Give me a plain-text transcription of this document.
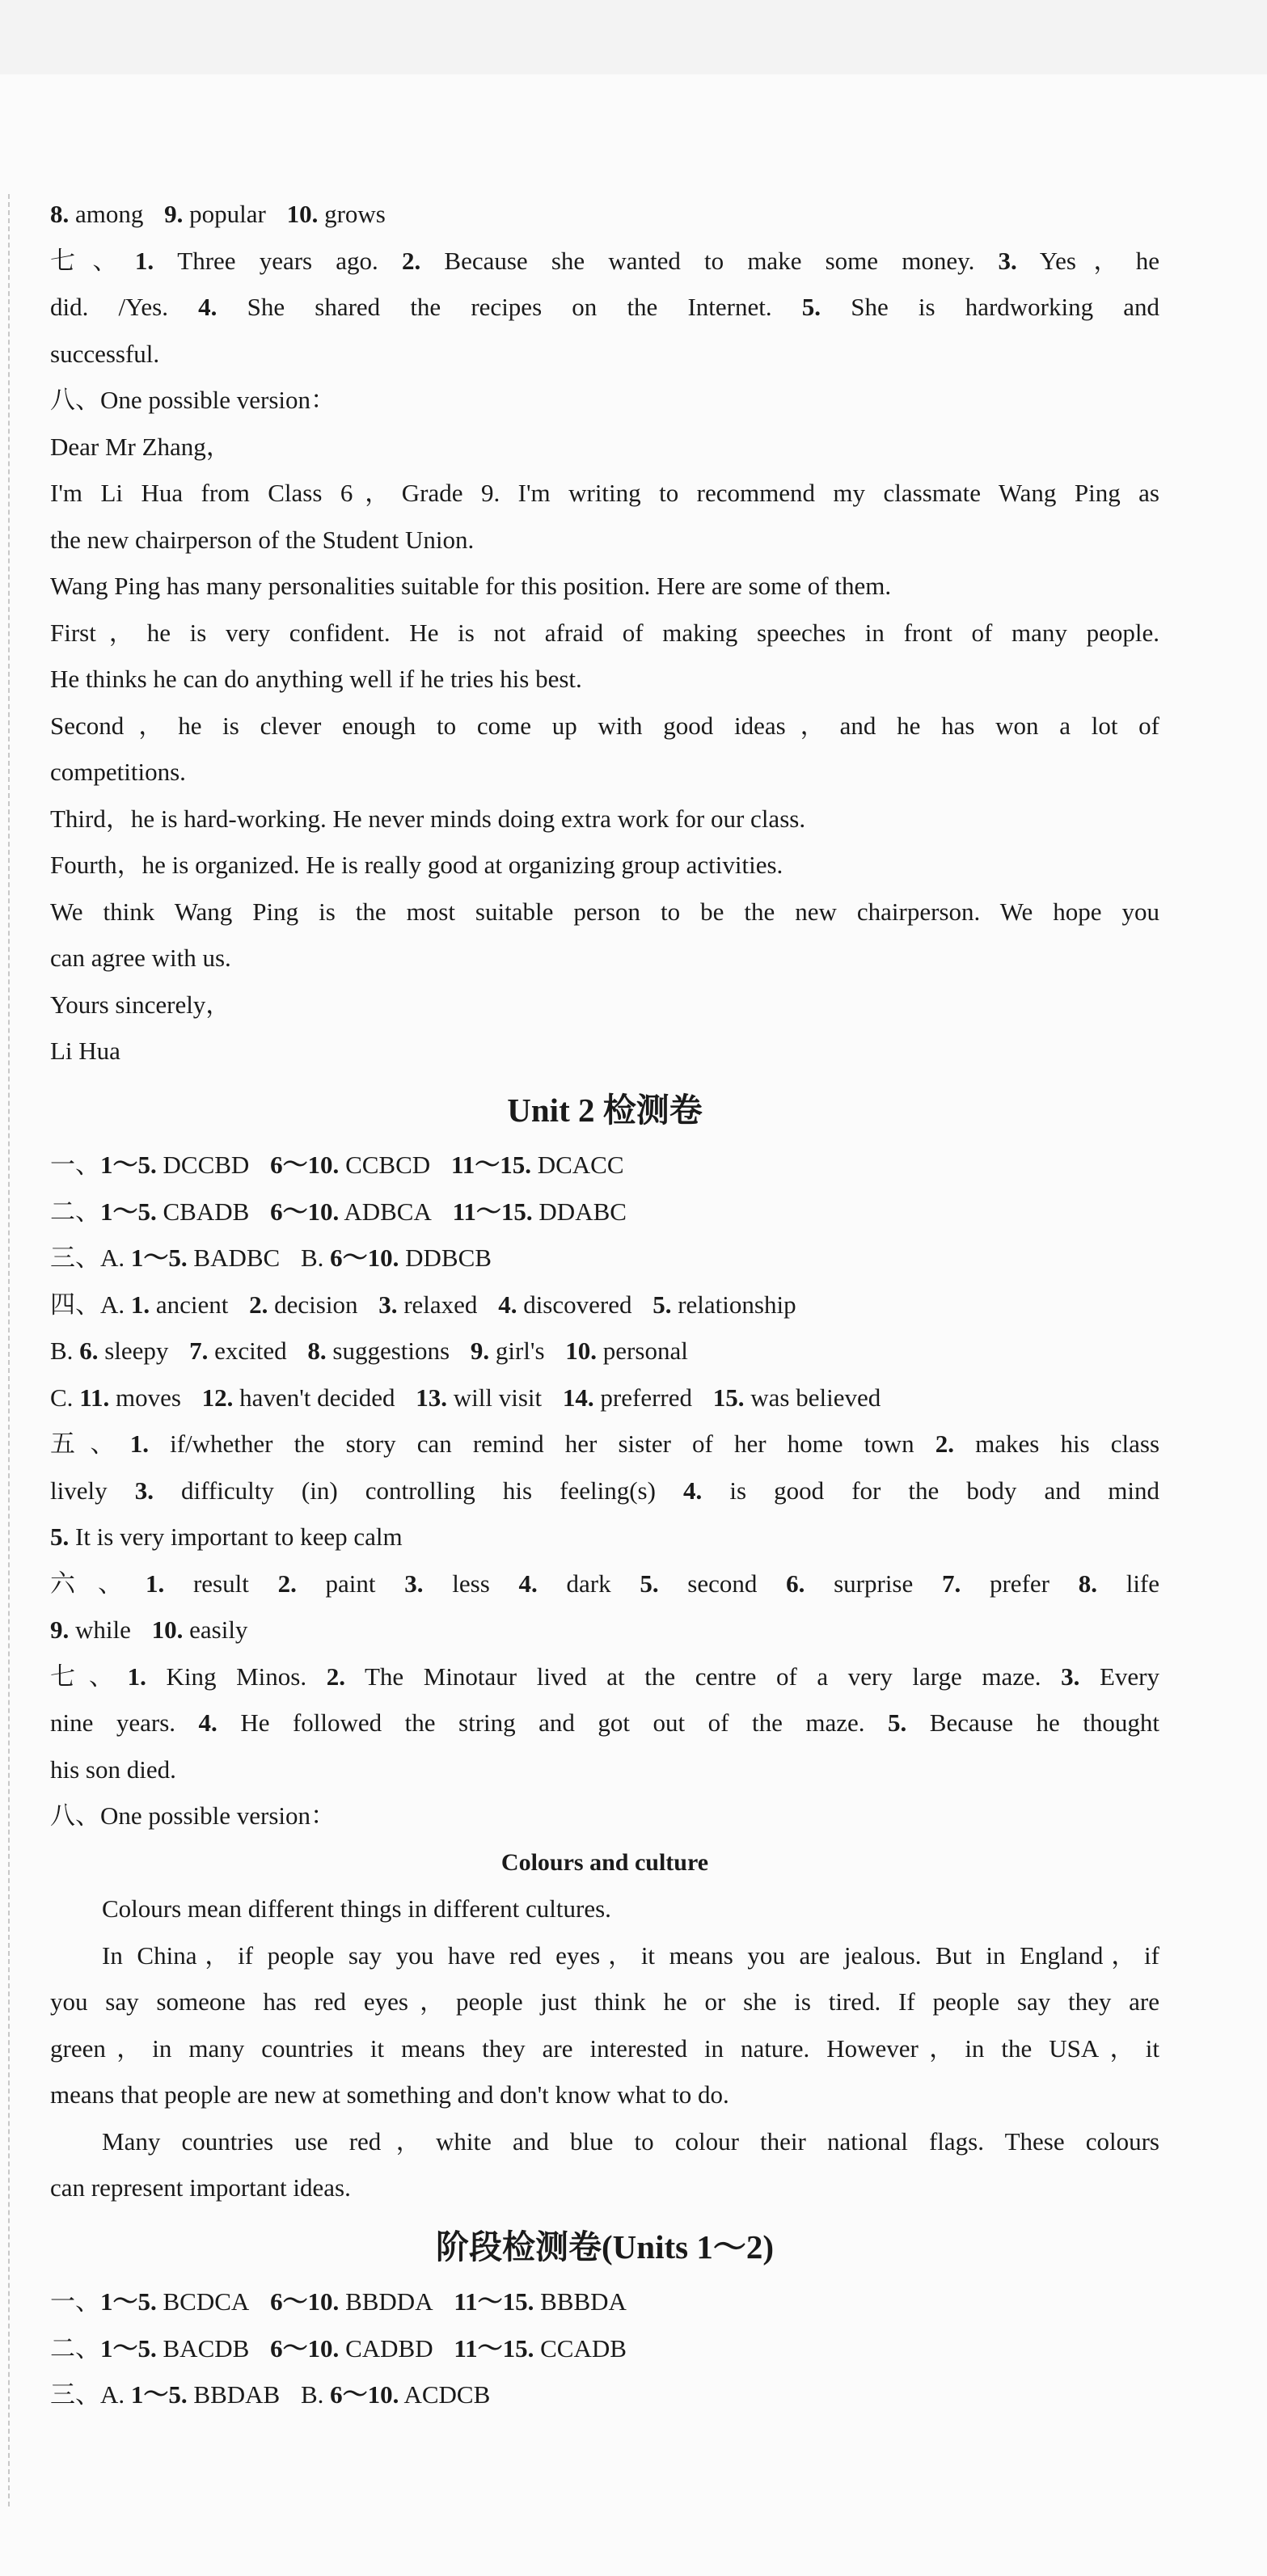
8. among 9. popular 10. grows
七、1. Three years ago. 2. Because she wanted to make some money. 3. Yes，he
did. /Yes. 4. She shared the recipes on the Internet. 5. She is hardworking and
successful.
八、One possible version：
Dear Mr Zhang，
I'm Li Hua from Class 6，Grade 9. I'm writing to recommend my classmate Wang Ping as
the new chairperson of the Student Union.
Wang Ping has many personalities suitable for this position. Here are some of them.
First，he is very confident. He is not afraid of making speeches in front of many people.
He thinks he can do anything well if he tries his best.
Second，he is clever enough to come up with good ideas，and he has won a lot of
competitions.
Third，he is hard-working. He never minds doing extra work for our class.
Fourth，he is organized. He is really good at organizing group activities.
We think Wang Ping is the most suitable person to be the new chairperson. We hope you
can agree with us.
Yours sincerely，
Li Hua
Unit 2 检测卷
一、1～5. DCCBD 6～10. CCBCD 11～15. DCACC
二、1～5. CBADB 6～10. ADBCA 11～15. DDABC
三、A. 1～5. BADBC B. 6～10. DDBCB
四、A. 1. ancient 2. decision 3. relaxed 4. discovered 5. relationship
B. 6. sleepy 7. excited 8. suggestions 9. girl's 10. personal
C. 11. moves 12. haven't decided 13. will visit 14. preferred 15. was believed
五、1. if/whether the story can remind her sister of her home town 2. makes his class
lively 3. difficulty (in) controlling his feeling(s) 4. is good for the body and mind
5. It is very important to keep calm
六、1. result 2. paint 3. less 4. dark 5. second 6. surprise 7. prefer 8. life
9. while 10. easily
七、1. King Minos. 2. The Minotaur lived at the centre of a very large maze. 3. Every
nine years. 4. He followed the string and got out of the maze. 5. Because he thought
his son died.
八、One possible version：
Colours and culture
Colours mean different things in different cultures.
In China，if people say you have red eyes，it means you are jealous. But in England，if
you say someone has red eyes，people just think he or she is tired. If people say they are
green，in many countries it means they are interested in nature. However，in the USA，it
means that people are new at something and don't know what to do.
Many countries use red，white and blue to colour their national flags. These colours
can represent important ideas.
阶段检测卷(Units 1～2)
一、1～5. BCDCA 6～10. BBDDA 11～15. BBBDA
二、1～5. BACDB 6～10. CADBD 11～15. CCADB
三、A. 1～5. BBDAB B. 6～10. ACDCB
